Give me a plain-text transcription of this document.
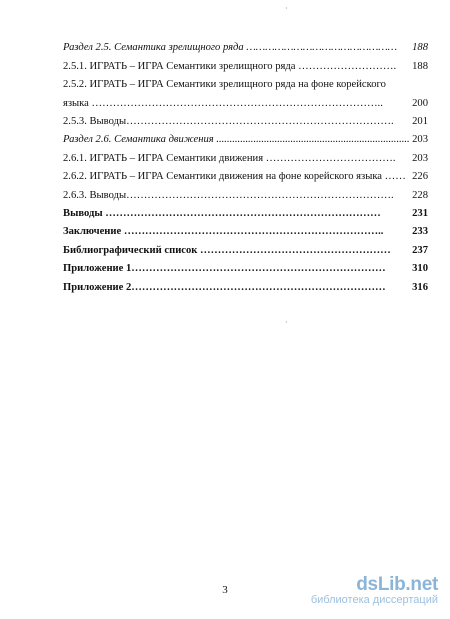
·
·
Раздел 2.5. Семантика зрелищного ряда ………………………………………… 188
2.5.1. ИГРАТЬ – ИГРА Семантики зрелищного ряда ………………………. 188
2.5.2. ИГРАТЬ – ИГРА Семантики зрелищного ряда на фоне корейского
языка ………………………………………………………………………..	200
2.5.3. Выводы…………………………………………………………………. 201
Раздел 2.6. Семантика движения ......................................................................... 203
2.6.1. ИГРАТЬ – ИГРА Семантики движения ………………………………. 203
2.6.2. ИГРАТЬ – ИГРА Семантики движения на фоне корейского языка …… 226
2.6.3. Выводы…………………………………………………………………. 228
Выводы ……………………………………………………………………	231
Заключение ………………………………………………………………..	233
Библиографический список ……………………………………………… 237
Приложение 1………………………………………………………………	310
Приложение 2………………………………………………………………	316
3	dsLib.net
библиотека диссертаций
